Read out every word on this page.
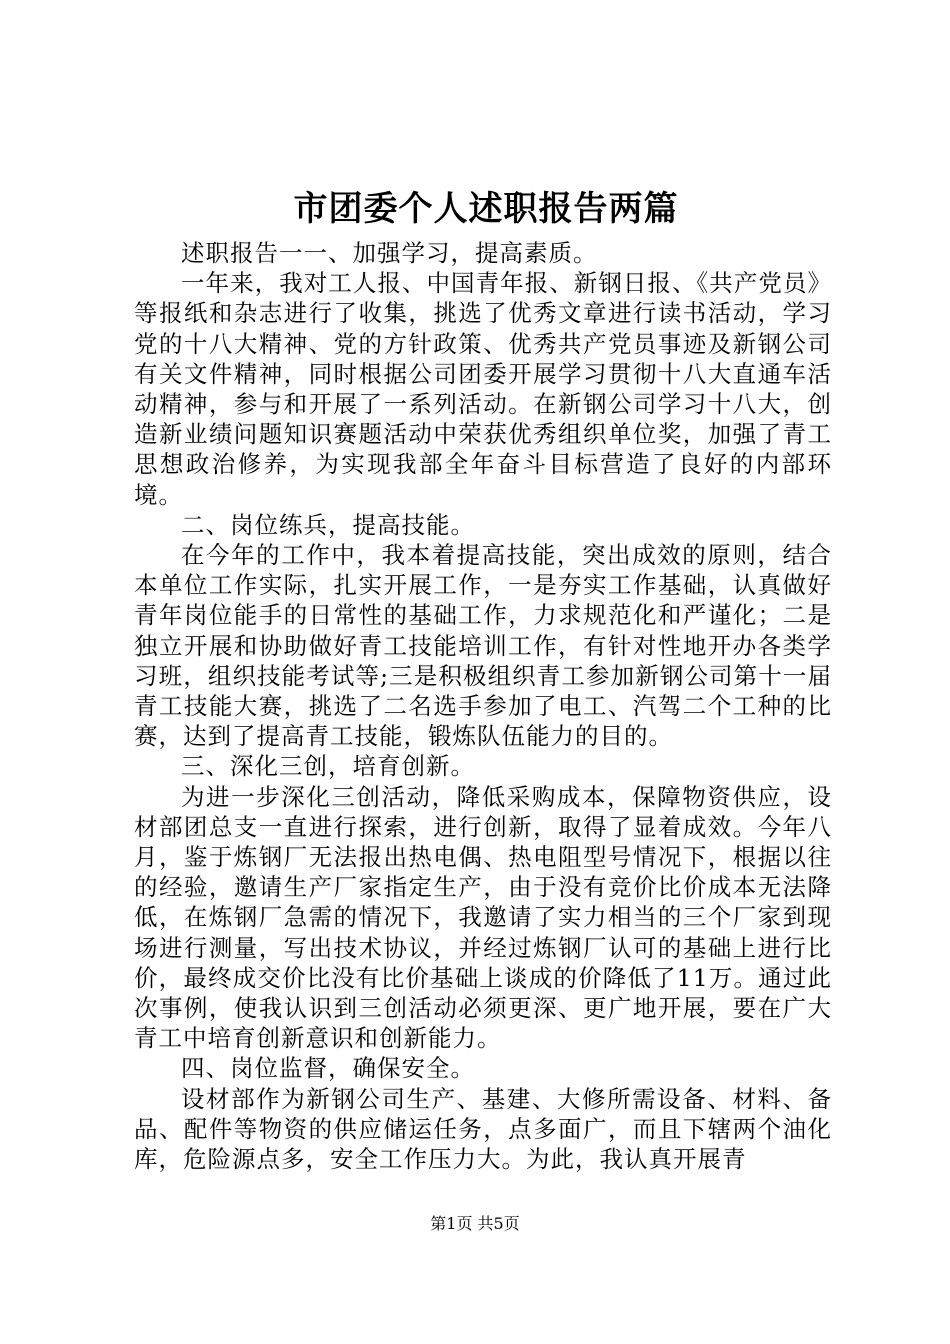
市团委个人述职报告两篇

述职报告一一、加强学习，提高素质。

一年来，我对工人报、中国青年报、新钢日报、《共产党员》等报纸和杂志进行了收集，挑选了优秀文章进行读书活动，学习党的十八大精神、党的方针政策、优秀共产党员事迹及新钢公司有关文件精神，同时根据公司团委开展学习贯彻十八大直通车活动精神，参与和开展了一系列活动。在新钢公司学习十八大，创造新业绩问题知识赛题活动中荣获优秀组织单位奖，加强了青工思想政治修养，为实现我部全年奋斗目标营造了良好的内部环境。

二、岗位练兵，提高技能。

在今年的工作中，我本着提高技能，突出成效的原则，结合本单位工作实际，扎实开展工作，一是夯实工作基础，认真做好青年岗位能手的日常性的基础工作，力求规范化和严谨化；二是独立开展和协助做好青工技能培训工作，有针对性地开办各类学习班，组织技能考试等;三是积极组织青工参加新钢公司第十一届青工技能大赛，挑选了二名选手参加了电工、汽驾二个工种的比赛，达到了提高青工技能，锻炼队伍能力的目的。

三、深化三创，培育创新。

为进一步深化三创活动，降低采购成本，保障物资供应，设材部团总支一直进行探索，进行创新，取得了显着成效。今年八月，鉴于炼钢厂无法报出热电偶、热电阻型号情况下，根据以往的经验，邀请生产厂家指定生产，由于没有竞价比价成本无法降低，在炼钢厂急需的情况下，我邀请了实力相当的三个厂家到现场进行测量，写出技术协议，并经过炼钢厂认可的基础上进行比价，最终成交价比没有比价基础上谈成的价降低了11万。通过此次事例，使我认识到三创活动必须更深、更广地开展，要在广大青工中培育创新意识和创新能力。

四、岗位监督，确保安全。

设材部作为新钢公司生产、基建、大修所需设备、材料、备品、配件等物资的供应储运任务，点多面广，而且下辖两个油化库，危险源点多，安全工作压力大。为此，我认真开展青

第1页 共5页
